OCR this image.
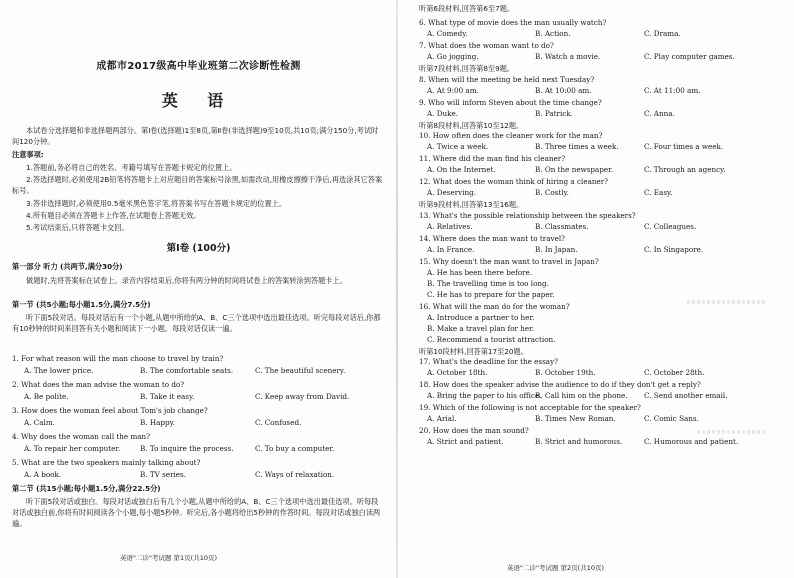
成都市2017级高中毕业班第二次诊断性检测
英 语
本试卷分选择题和非选择题两部分。第Ⅰ卷(选择题)1至8页,第Ⅱ卷(非选择题)9至10页,共10页;满分150分,考试时间120分钟。
注意事项:
1.答题前,务必将自己的姓名、考籍号填写在答题卡规定的位置上。
2.答选择题时,必须使用2B铅笔将答题卡上对应题目的答案标号涂黑,如需改动,用橡皮擦擦干净后,再选涂其它答案标号。
3.答非选择题时,必须使用0.5毫米黑色签字笔,将答案书写在答题卡规定的位置上。
4.所有题目必须在答题卡上作答,在试题卷上答题无效。
5.考试结束后,只将答题卡交回。
第Ⅰ卷 (100分)
第一部分 听力 (共两节,满分30分)
做题时,先将答案标在试卷上。录音内容结束后,你将有两分钟的时间将试卷上的答案转涂到答题卡上。
第一节 (共5小题;每小题1.5分,满分7.5分)
听下面5段对话。每段对话后有一个小题,从题中所给的A、B、C三个选项中选出最佳选项。听完每段对话后,你都有10秒钟的时间来回答有关小题和阅读下一小题。每段对话仅读一遍。
1. For what reason will the man choose to travel by train?
A. The lower price.	B. The comfortable seats.	C. The beautiful scenery.
2. What does the man advise the woman to do?
A. Be polite.	B. Take it easy.	C. Keep away from David.
3. How does the woman feel about Tom's job change?
A. Calm.	B. Happy.	C. Confused.
4. Why does the woman call the man?
A. To repair her computer.	B. To inquire the process.	C. To buy a computer.
5. What are the two speakers mainly talking about?
A. A book.	B. TV series.	C. Ways of relaxation.
第二节 (共15小题;每小题1.5分,满分22.5分)
听下面5段对话或独白。每段对话或独白后有几个小题,从题中所给的A、B、C三个选项中选出最佳选项。听每段对话或独白前,你将有时间阅读各个小题,每小题5秒钟。听完后,各小题将给出5秒钟的作答时间。每段对话或独白读两遍。
英语"二诊"考试题 第1页(共10页)
听第6段材料,回答第6至7题。
6. What type of movie does the man usually watch?
A. Comedy.	B. Action.	C. Drama.
7. What does the woman want to do?
A. Go jogging.	B. Watch a movie.	C. Play computer games.
听第7段材料,回答第8至9题。
8. When will the meeting be held next Tuesday?
A. At 9:00 am.	B. At 10:00 am.	C. At 11:00 am.
9. Who will inform Steven about the time change?
A. Duke.	B. Patrick.	C. Anna.
听第8段材料,回答第10至12题。
10. How often does the cleaner work for the man?
A. Twice a week.	B. Three times a week.	C. Four times a week.
11. Where did the man find his cleaner?
A. On the Internet.	B. On the newspaper.	C. Through an agency.
12. What does the woman think of hiring a cleaner?
A. Deserving.	B. Costly.	C. Easy.
听第9段材料,回答第13至16题。
13. What's the possible relationship between the speakers?
A. Relatives.	B. Classmates.	C. Colleagues.
14. Where does the man want to travel?
A. In France.	B. In Japan.	C. In Singapore.
15. Why doesn't the man want to travel in Japan?
A. He has been there before.
B. The travelling time is too long.
C. He has to prepare for the paper.
16. What will the man do for the woman?
A. Introduce a partner to her.
B. Make a travel plan for her.
C. Recommend a tourist attraction.
听第10段材料,回答第17至20题。
17. What's the deadline for the essay?
A. October 18th.	B. October 19th.	C. October 28th.
18. How does the speaker advise the audience to do if they don't get a reply?
A. Bring the paper to his office.
B. Call him on the phone. C. Send another email.
19. Which of the following is not acceptable for the speaker?
A. Arial.	B. Times New Roman.	C. Comic Sans.
20. How does the man sound?
A. Strict and patient.	B. Strict and humorous.	C. Humorous and patient.
英语"二诊"考试题 第2页(共10页)
